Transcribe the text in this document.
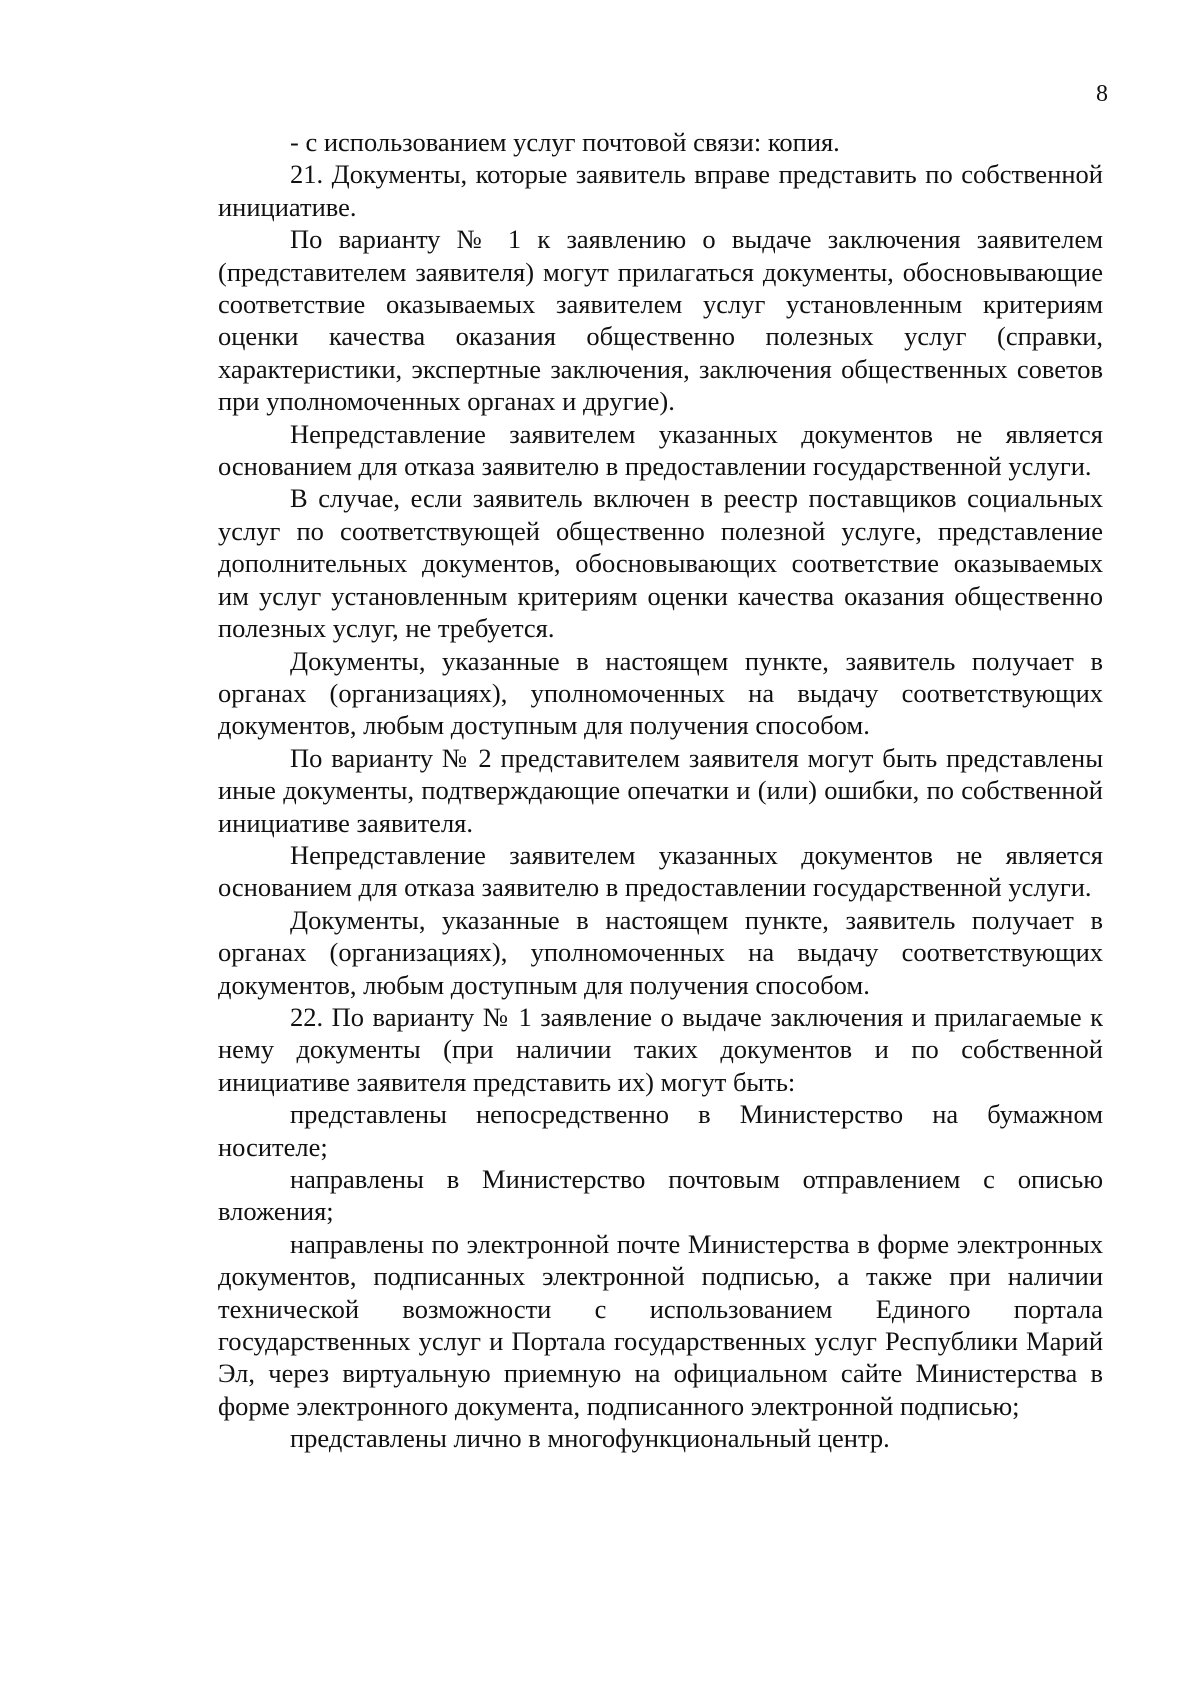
8

- с использованием услуг почтовой связи: копия.

21. Документы, которые заявитель вправе представить по собственной инициативе.

По варианту № 1 к заявлению о выдаче заключения заявителем (представителем заявителя) могут прилагаться документы, обосновывающие соответствие оказываемых заявителем услуг установленным критериям оценки качества оказания общественно полезных услуг (справки, характеристики, экспертные заключения, заключения общественных советов при уполномоченных органах и другие).

Непредставление заявителем указанных документов не является основанием для отказа заявителю в предоставлении государственной услуги.

В случае, если заявитель включен в реестр поставщиков социальных услуг по соответствующей общественно полезной услуге, представление дополнительных документов, обосновывающих соответствие оказываемых им услуг установленным критериям оценки качества оказания общественно полезных услуг, не требуется.

Документы, указанные в настоящем пункте, заявитель получает в органах (организациях), уполномоченных на выдачу соответствующих документов, любым доступным для получения способом.

По варианту № 2 представителем заявителя могут быть представлены иные документы, подтверждающие опечатки и (или) ошибки, по собственной инициативе заявителя.

Непредставление заявителем указанных документов не является основанием для отказа заявителю в предоставлении государственной услуги.

Документы, указанные в настоящем пункте, заявитель получает в органах (организациях), уполномоченных на выдачу соответствующих документов, любым доступным для получения способом.

22. По варианту № 1 заявление о выдаче заключения и прилагаемые к нему документы (при наличии таких документов и по собственной инициативе заявителя представить их) могут быть:

представлены непосредственно в Министерство на бумажном носителе;

направлены в Министерство почтовым отправлением с описью вложения;

направлены по электронной почте Министерства в форме электронных документов, подписанных электронной подписью, а также при наличии технической возможности с использованием Единого портала государственных услуг и Портала государственных услуг Республики Марий Эл, через виртуальную приемную на официальном сайте Министерства в форме электронного документа, подписанного электронной подписью;

представлены лично в многофункциональный центр.
